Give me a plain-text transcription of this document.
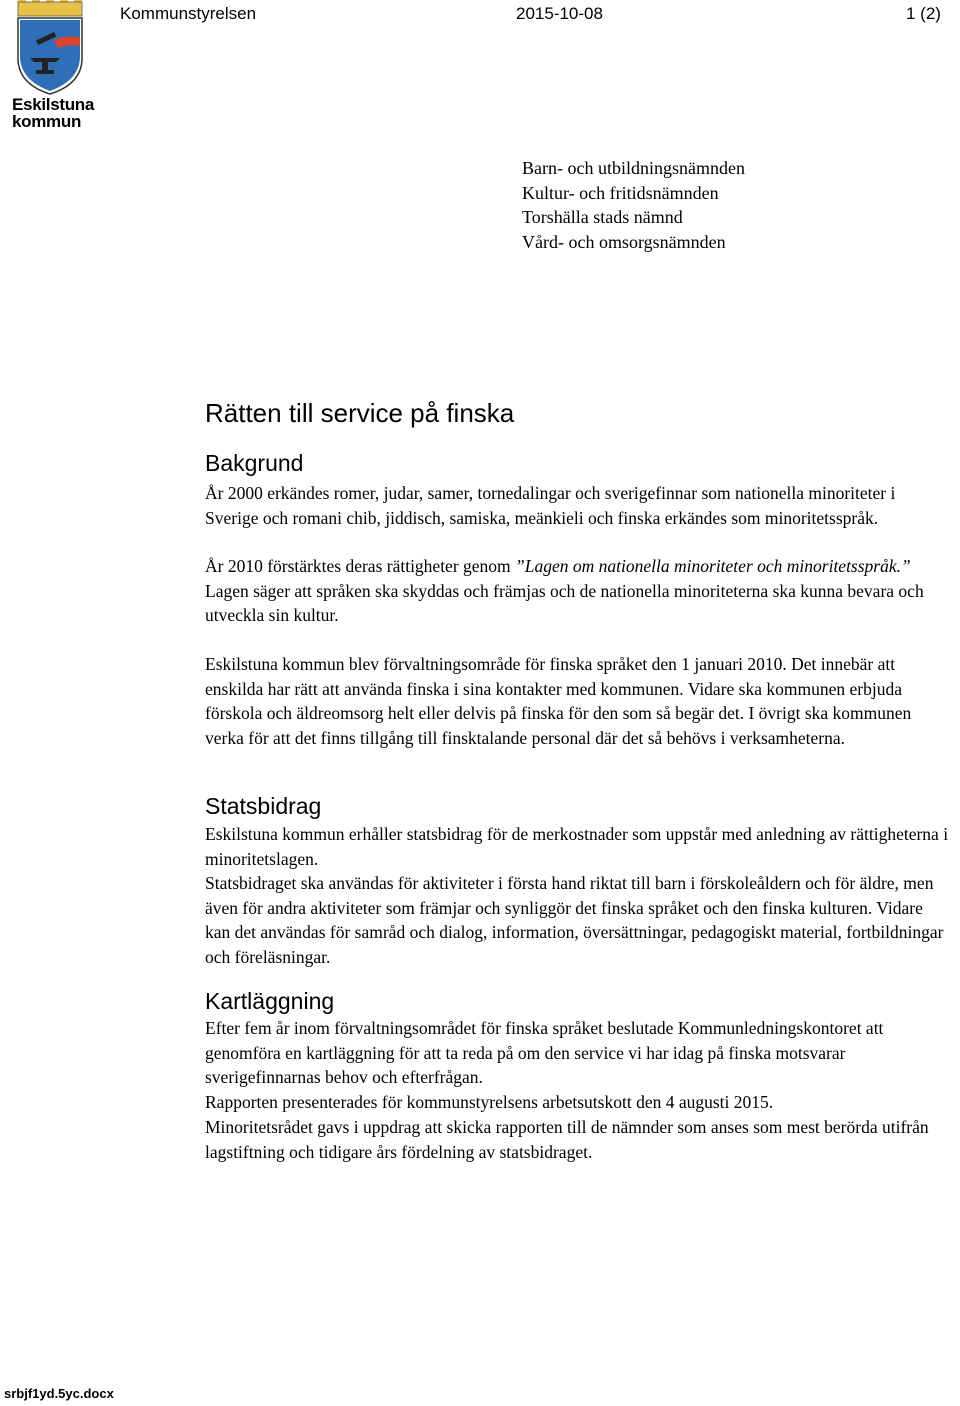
Eskilstuna
kommun
Kommunstyrelsen	2015-10-08	1 (2)
Barn- och utbildningsnämnden
Kultur- och fritidsnämnden
Torshälla stads nämnd
Vård- och omsorgsnämnden
Rätten till service på finska
Bakgrund

År 2000 erkändes romer, judar, samer, tornedalingar och sverigefinnar som nationella minoriteter i Sverige och romani chib, jiddisch, samiska, meänkieli och finska erkändes som minoritetsspråk.

År 2010 förstärktes deras rättigheter genom ”Lagen om nationella minoriteter och minoritetsspråk.” Lagen säger att språken ska skyddas och främjas och de nationella minoriteterna ska kunna bevara och utveckla sin kultur.

Eskilstuna kommun blev förvaltningsområde för finska språket den 1 januari 2010. Det innebär att enskilda har rätt att använda finska i sina kontakter med kommunen. Vidare ska kommunen erbjuda förskola och äldreomsorg helt eller delvis på finska för den som så begär det. I övrigt ska kommunen verka för att det finns tillgång till finsktalande personal där det så behövs i verksamheterna.

Statsbidrag

Eskilstuna kommun erhåller statsbidrag för de merkostnader som uppstår med anledning av rättigheterna i minoritetslagen.

Statsbidraget ska användas för aktiviteter i första hand riktat till barn i förskoleåldern och för äldre, men även för andra aktiviteter som främjar och synliggör det finska språket och den finska kulturen. Vidare kan det användas för samråd och dialog, information, översättningar, pedagogiskt material, fortbildningar och föreläsningar.

Kartläggning

Efter fem år inom förvaltningsområdet för finska språket beslutade Kommunledningskontoret att genomföra en kartläggning för att ta reda på om den service vi har idag på finska motsvarar sverigefinnarnas behov och efterfrågan.

Rapporten presenterades för kommunstyrelsens arbetsutskott den 4 augusti 2015.

Minoritetsrådet gavs i uppdrag att skicka rapporten till de nämnder som anses som mest berörda utifrån lagstiftning och tidigare års fördelning av statsbidraget.

srbjf1yd.5yc.docx
